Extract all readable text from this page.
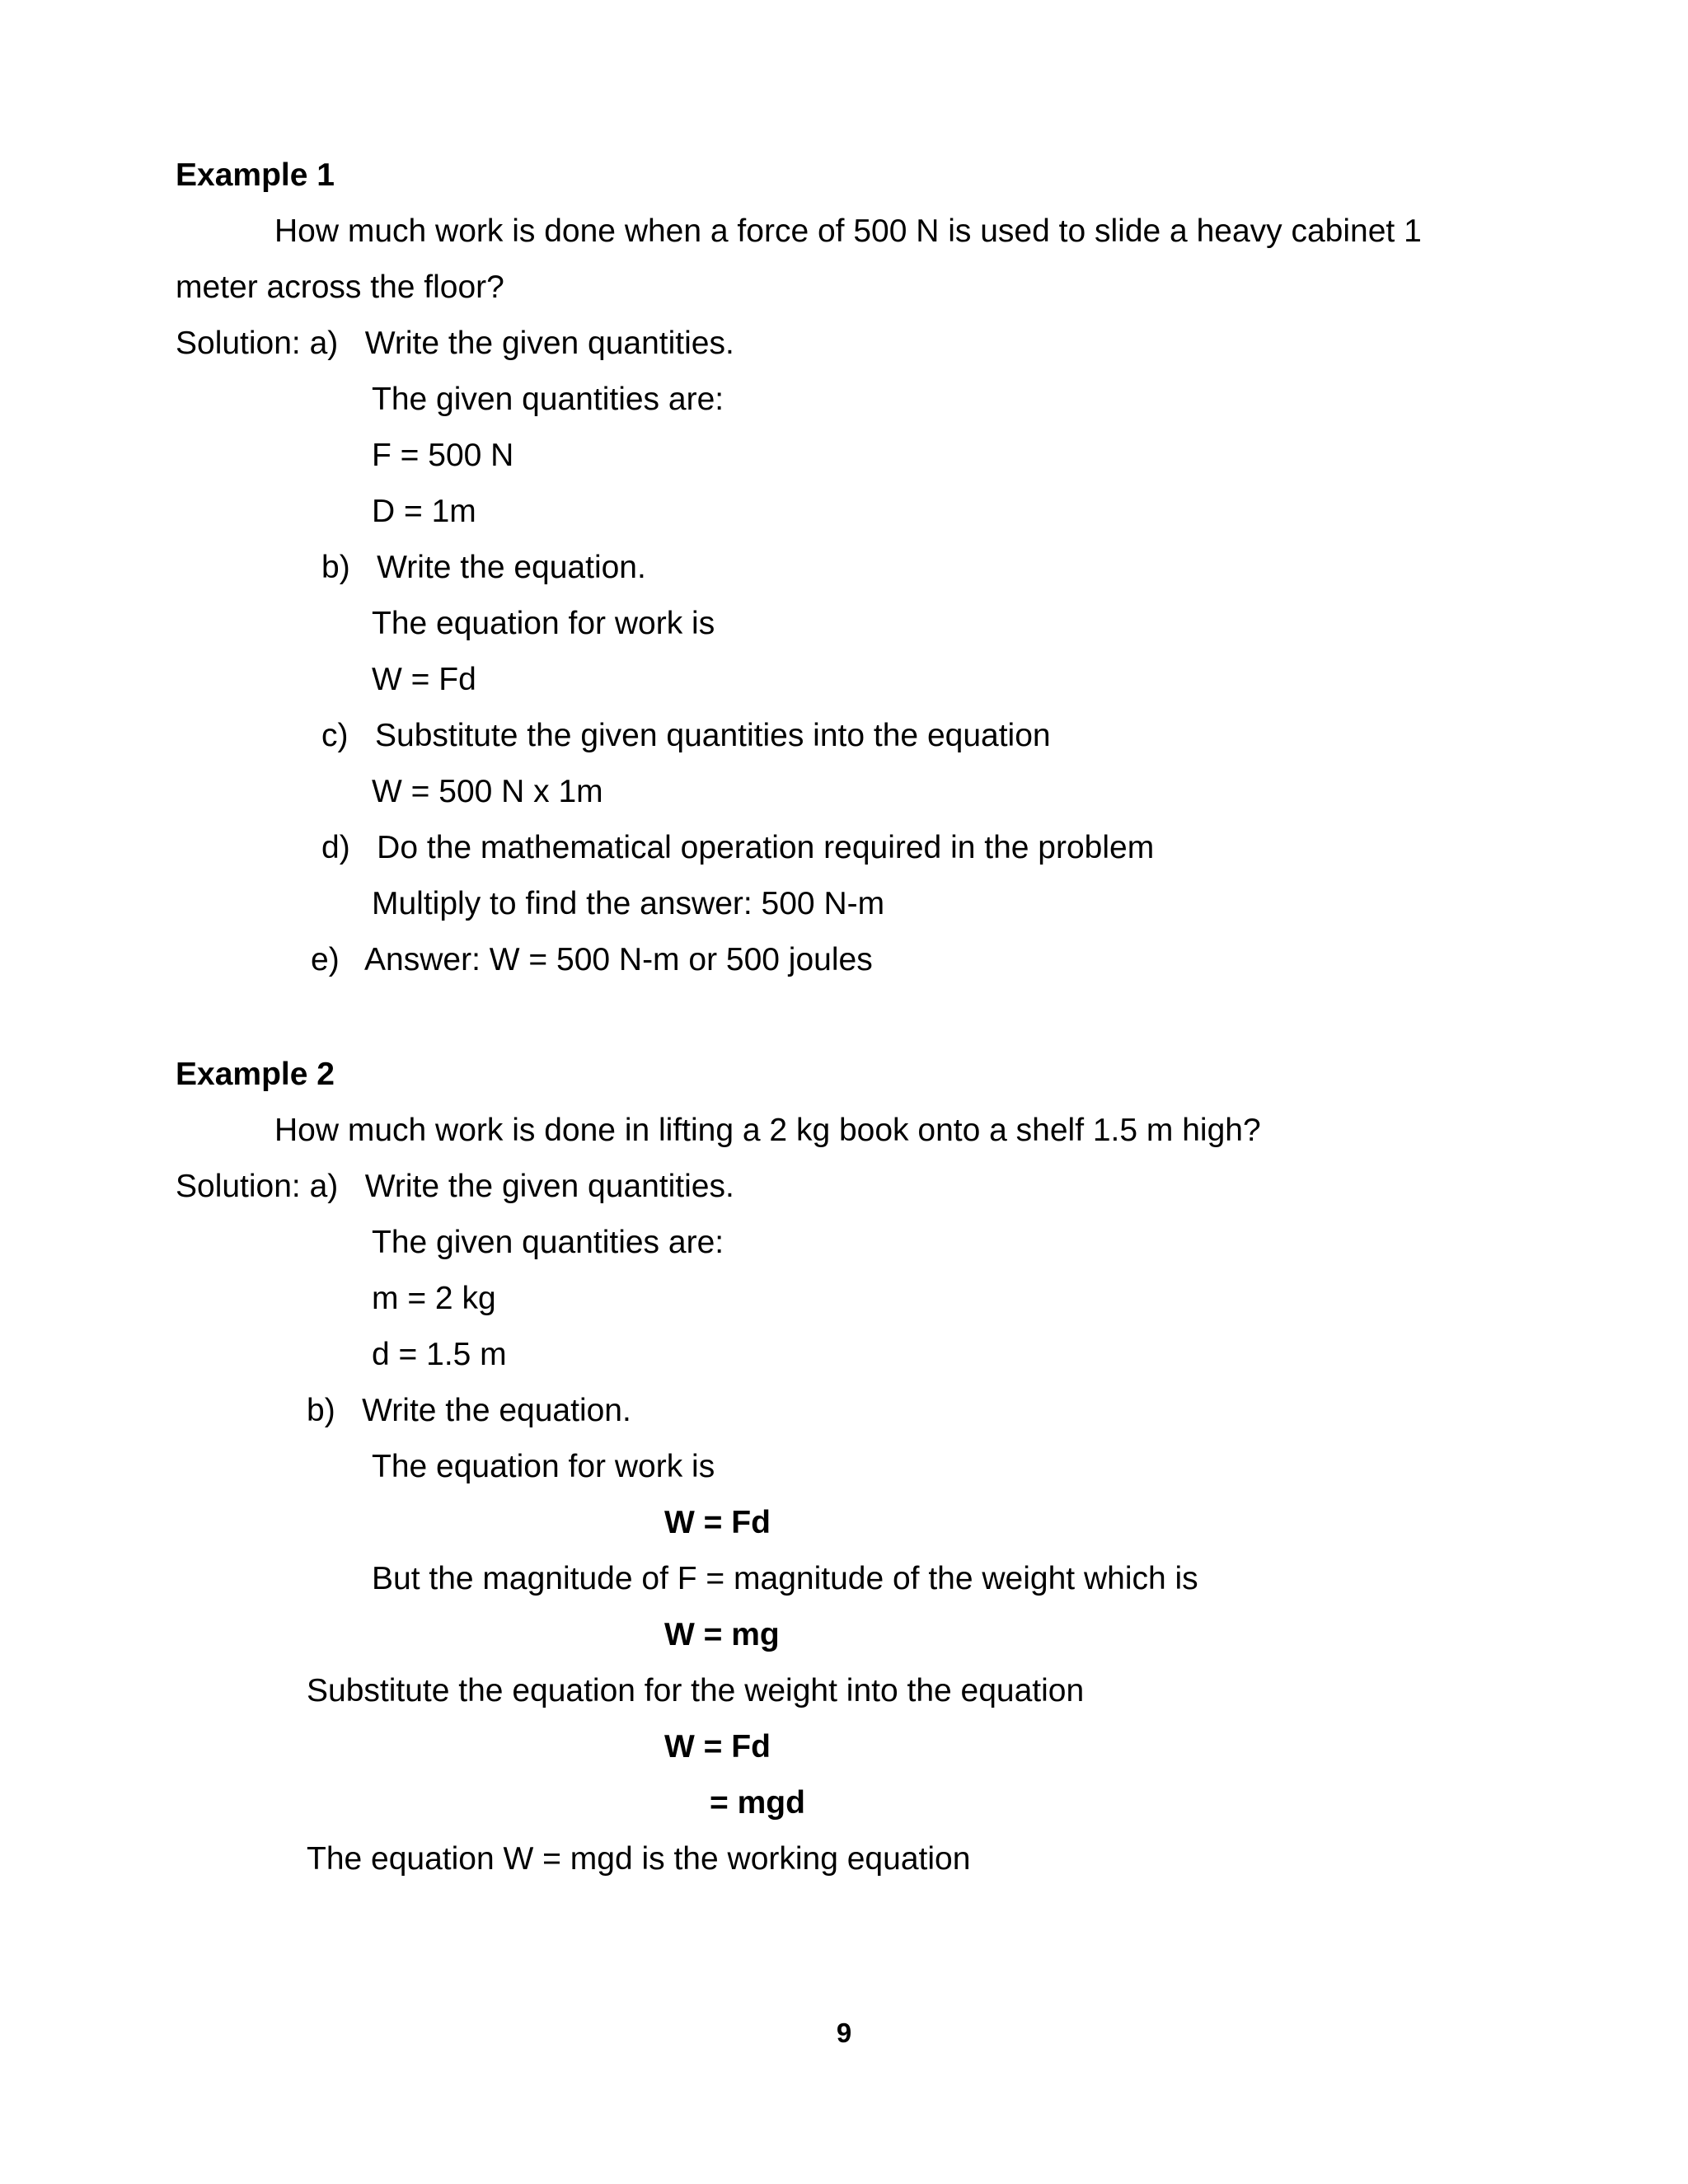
Example 1
How much work is done when a force of 500 N is used to slide a heavy cabinet 1
meter across the floor?
Solution: a)   Write the given quantities.
The given quantities are:
F = 500 N
D = 1m
b)   Write the equation.
The equation for work is
W = Fd
c)   Substitute the given quantities into the equation
W = 500 N x 1m
d)   Do the mathematical operation required in the problem
Multiply to find the answer: 500 N-m
e)   Answer: W = 500 N-m or 500 joules
Example 2
How much work is done in lifting a 2 kg book onto a shelf 1.5 m high?
Solution: a)   Write the given quantities.
The given quantities are:
m = 2 kg
d = 1.5 m
b)   Write the equation.
The equation for work is
W = Fd
But the magnitude of F = magnitude of the weight which is
W = mg
Substitute the equation for the weight into the equation
W = Fd
= mgd
The equation W = mgd is the working equation
9
